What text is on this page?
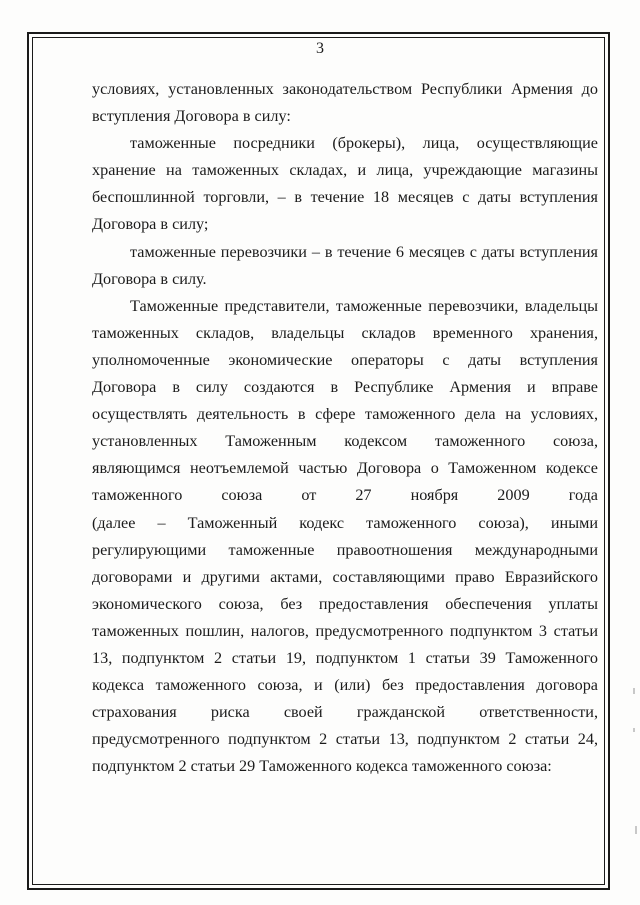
3

условиях, установленных законодательством Республики Армения до
вступления Договора в силу:

таможенные посредники (брокеры), лица, осуществляющие
хранение на таможенных складах, и лица, учреждающие магазины
беспошлинной торговли, – в течение 18 месяцев с даты вступления
Договора в силу;

таможенные перевозчики – в течение 6 месяцев с даты вступления
Договора в силу.

Таможенные представители, таможенные перевозчики, владельцы
таможенных складов, владельцы складов временного хранения,
уполномоченные экономические операторы с даты вступления
Договора в силу создаются в Республике Армения и вправе
осуществлять деятельность в сфере таможенного дела на условиях,
установленных Таможенным кодексом таможенного союза,
являющимся неотъемлемой частью Договора о Таможенном кодексе
таможенного союза от 27 ноября 2009 года
(далее – Таможенный кодекс таможенного союза), иными
регулирующими таможенные правоотношения международными
договорами и другими актами, составляющими право Евразийского
экономического союза, без предоставления обеспечения уплаты
таможенных пошлин, налогов, предусмотренного подпунктом 3 статьи
13, подпунктом 2 статьи 19, подпунктом 1 статьи 39 Таможенного
кодекса таможенного союза, и (или) без предоставления договора
страхования риска своей гражданской ответственности,
предусмотренного подпунктом 2 статьи 13, подпунктом 2 статьи 24,
подпунктом 2 статьи 29 Таможенного кодекса таможенного союза:
